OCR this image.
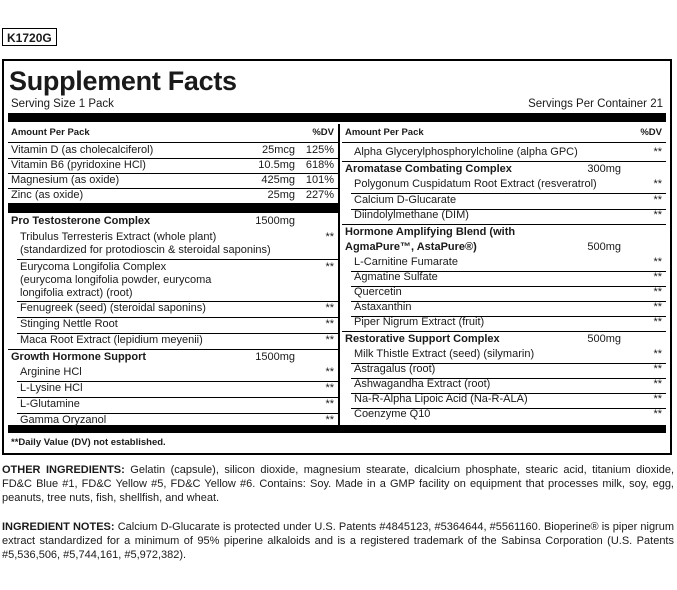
K1720G
Supplement Facts
Serving Size 1 Pack	Servings Per Container 21
Amount Per Pack	%DV
Vitamin D (as cholecalciferol)	25mcg 125%
Vitamin B6 (pyridoxine HCl)	10.5mg 618%
Magnesium (as oxide)	425mg 101%
Zinc (as oxide)	25mg 227%
Pro Testosterone Complex	1500mg
Tribulus Terresteris Extract (whole plant)
(standardized for protodioscin & steroidal saponins)
**
Eurycoma Longifolia Complex
(eurycoma longifolia powder, eurycoma
longifolia extract) (root)
**
Fenugreek (seed) (steroidal saponins)	**
Stinging Nettle Root	**
Maca Root Extract (lepidium meyenii)	**
Growth Hormone Support	1500mg
Arginine HCl	**
L-Lysine HCl	**
L-Glutamine	**
Gamma Oryzanol	**
Amount Per Pack	%DV
Alpha Glycerylphosphorylcholine (alpha GPC)	**
Aromatase Combating Complex	300mg
Polygonum Cuspidatum Root Extract (resveratrol)	**
Calcium D-Glucarate	**
Diindolylmethane (DIM)	**
Hormone Amplifying Blend (with
AgmaPure™, AstaPure®)	500mg
L-Carnitine Fumarate	**
Agmatine Sulfate	**
Quercetin	**
Astaxanthin	**
Piper Nigrum Extract (fruit)	**
Restorative Support Complex	500mg
Milk Thistle Extract (seed) (silymarin)	**
Astragalus (root)	**
Ashwagandha Extract (root)	**
Na-R-Alpha Lipoic Acid (Na-R-ALA)	**
Coenzyme Q10	**
**Daily Value (DV) not established.
OTHER INGREDIENTS: Gelatin (capsule), silicon dioxide, magnesium stearate, dicalcium phosphate, stearic acid, titanium dioxide, FD&C Blue #1, FD&C Yellow #5, FD&C Yellow #6. Contains: Soy. Made in a GMP facility on equipment that processes milk, soy, egg, peanuts, tree nuts, fish, shellfish, and wheat.
INGREDIENT NOTES: Calcium D-Glucarate is protected under U.S. Patents #4845123, #5364644, #5561160. Bioperine® is piper nigrum extract standardized for a minimum of 95% piperine alkaloids and is a registered trademark of the Sabinsa Corporation (U.S. Patents #5,536,506, #5,744,161, #5,972,382).
